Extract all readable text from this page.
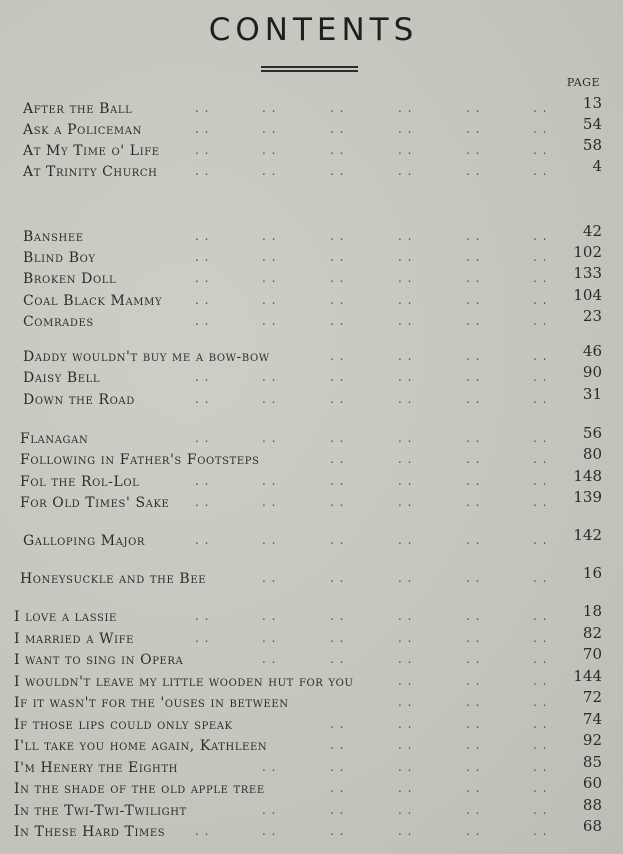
CONTENTS
PAGE
After the Ball	. .	. .	. .	. .	. .	. . 13
Ask a Policeman	. .	. .	. .	. .	. .	. . 54
At My Time o' Life	. .	. .	. .	. .	. .	. . 58
At Trinity Church	. .	. .	. .	. .	. .	. .	4
Banshee	. .	. .	. .	. .	. .	. . 42
Blind Boy	. .	. .	. .	. .	. .	. . 102
Broken Doll	. .	. .	. .	. .	. .	. . 133
Coal Black Mammy	. .	. .	. .	. .	. .	. . 104
Comrades	. .	. .	. .	. .	. .	. . 23
Daddy wouldn't buy me a bow-bow	. .	. .	. .	. . 46
Daisy Bell	. .	. .	. .	. .	. .	. . 90
Down the Road	. .	. .	. .	. .	. .	. . 31
Flanagan	. .	. .	. .	. .	. .	. . 56
Following in Father's Footsteps	. .	. .	. .	. . 80
Fol the Rol-Lol	. .	. .	. .	. .	. .	. . 148
For Old Times' Sake . .	. .	. .	. .	. .	. . 139
Galloping Major	. .	. .	. .	. .	. .	. . 142
Honeysuckle and the Bee	. .	. .	. .	. .	. . 16
I love a lassie	. .	. .	. .	. .	. .	. . 18
I married a Wife	. .	. .	. .	. .	. .	. . 82
I want to sing in Opera	. .	. .	. .	. .	. . 70
I wouldn't leave my little wooden hut for you	. .	. .	. . 144
If it wasn't for the 'ouses in between	. .	. .	. . 72
If those lips could only speak	. .	. .	. .	. . 74
I'll take you home again, Kathleen	. .	. .	. .	. . 92
I'm Henery the Eighth	. .	. .	. .	. .	. . 85
In the shade of the old apple tree	. .	. .	. .	. . 60
In the Twi-Twi-Twilight	. .	. .	. .	. .	. . 88
In These Hard Times . .	. .	. .	. .	. .	. . 68
